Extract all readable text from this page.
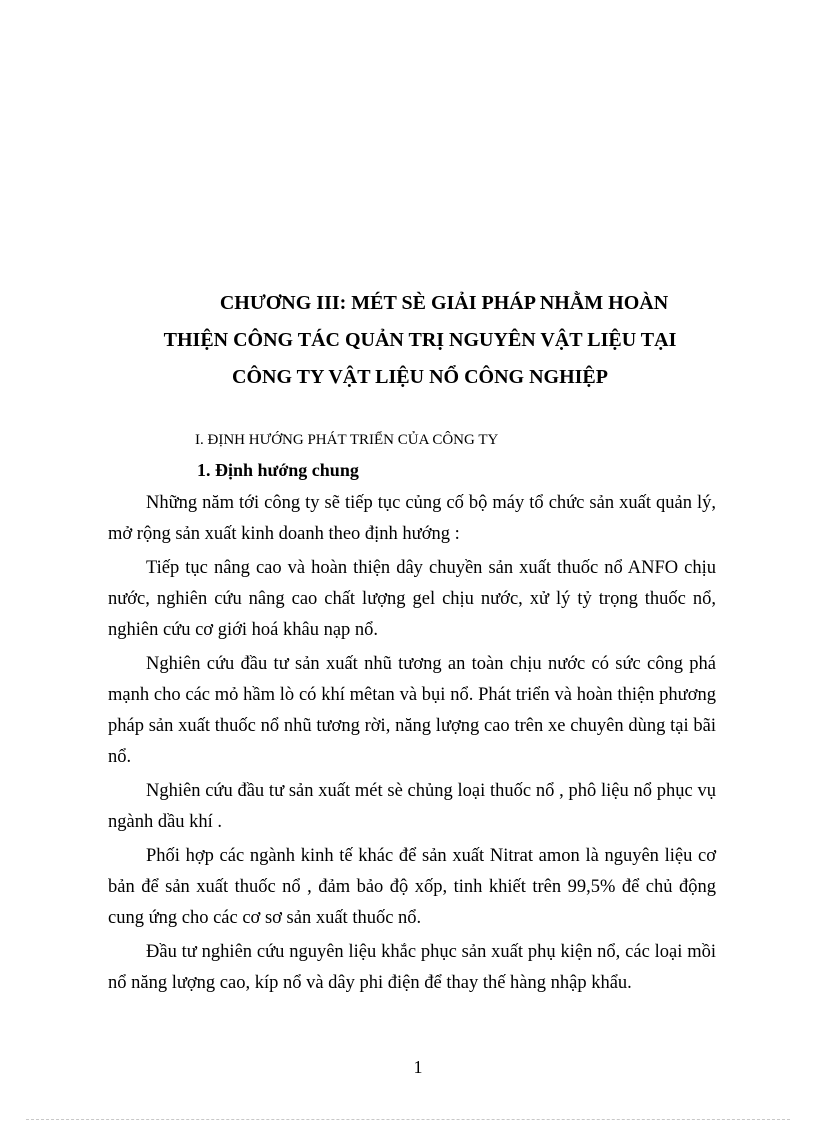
CHƯƠNG III: MÉT SÈ GIẢI PHÁP NHẰM HOÀN
THIỆN CÔNG TÁC QUẢN TRỊ NGUYÊN VẬT LIỆU TẠI
CÔNG TY VẬT LIỆU NỔ CÔNG NGHIỆP
I. ĐỊNH HƯỚNG PHÁT TRIỂN CỦA CÔNG TY
1. Định hướng chung

Những năm tới công ty sẽ tiếp tục củng cố bộ máy tổ chức sản xuất quản lý, mở rộng sản xuất kinh doanh theo định hướng :

Tiếp tục nâng cao và hoàn thiện dây chuyền sản xuất thuốc nổ ANFO chịu nước, nghiên cứu nâng cao chất lượng gel chịu nước, xử lý tỷ trọng thuốc nổ, nghiên cứu cơ giới hoá khâu nạp nổ.

Nghiên cứu đầu tư sản xuất nhũ tương an toàn chịu nước có sức công phá mạnh cho các mỏ hầm lò có khí mêtan và bụi nổ. Phát triển và hoàn thiện phương pháp sản xuất thuốc nổ nhũ tương rời, năng lượng cao trên xe chuyên dùng tại bãi nổ.

Nghiên cứu đầu tư sản xuất mét sè chủng loại thuốc nổ , phô liệu nổ phục vụ ngành dầu khí .

Phối hợp các ngành kinh tế khác để sản xuất Nitrat amon là nguyên liệu cơ bản để sản xuất thuốc nổ , đảm bảo độ xốp, tinh khiết trên 99,5% để chủ động cung ứng cho các cơ sơ sản xuất thuốc nổ.

Đầu tư nghiên cứu nguyên liệu khắc phục sản xuất phụ kiện nổ, các loại mồi nổ năng lượng cao, kíp nổ và dây phi điện để thay thế hàng nhập khẩu.

1
